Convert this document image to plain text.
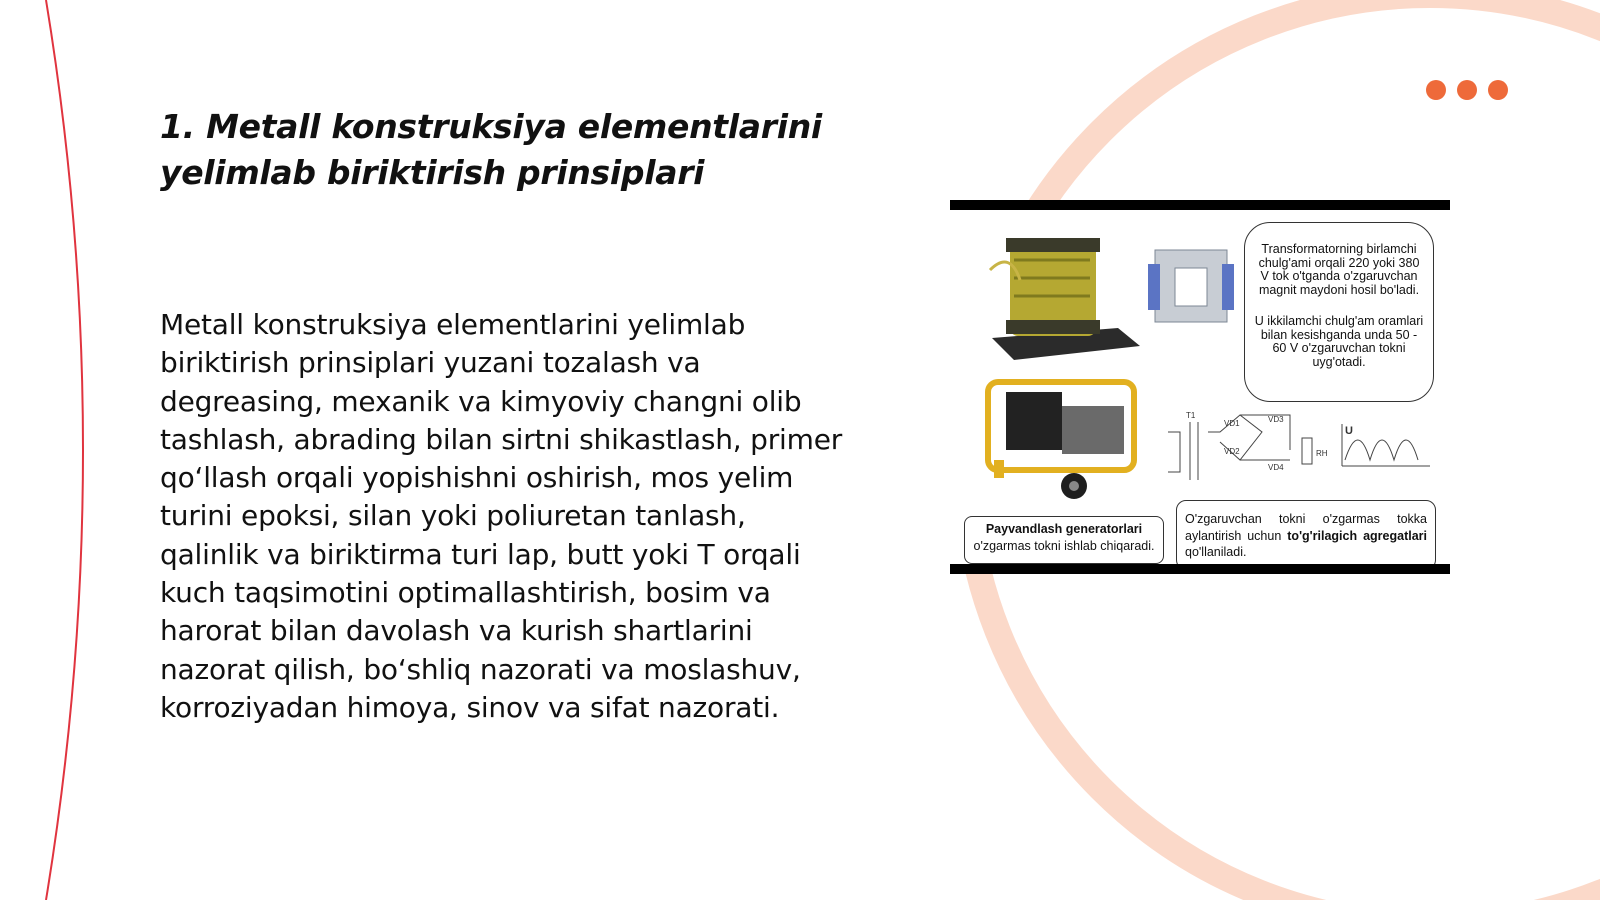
1. Metall konstruksiya elementlarini
yelimlab biriktirish prinsiplari

Metall konstruksiya elementlarini yelimlab biriktirish prinsiplari yuzani tozalash va degreasing, mexanik va kimyoviy changni olib tashlash, abrading bilan sirtni shikastlash, primer qo‘llash orqali yopishishni oshirish, mos yelim turini epoksi, silan yoki poliuretan tanlash, qalinlik va biriktirma turi lap, butt yoki T orqali kuch taqsimotini optimallashtirish, bosim va harorat bilan davolash va kurish shartlarini nazorat qilish, bo‘shliq nazorati va moslashuv, korroziyadan himoya, sinov va sifat nazorati.

T1
VD1
VD2
VD3
VD4
RH
U

Transformatorning birlamchi chulg'ami orqali 220 yoki 380 V tok o'tganda o'zgaruvchan magnit maydoni hosil bo'ladi.

U ikkilamchi chulg'am oramlari bilan kesishganda unda 50 - 60 V o'zgaruvchan tokni uyg'otadi.

Payvandlash generatorlari
o'zgarmas tokni ishlab chiqaradi.
O'zgaruvchan tokni o'zgarmas tokka aylantirish uchun to'g'rilagich agregatlari qo'llaniladi.
